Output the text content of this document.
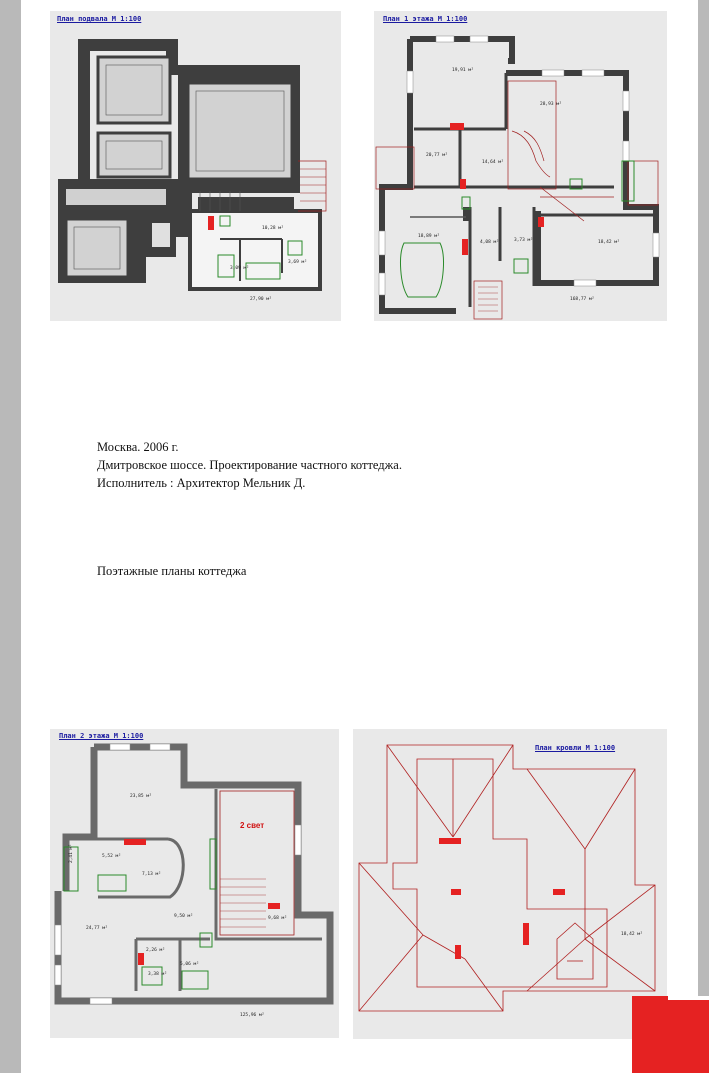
План подвала М 1:100
10,28 м²
3,09 м²
3,69 м²
27,90 м²
План 1 этажа М 1:100
19,91 м²
28,93 м²
20,77 м²
14,64 м²
18,89 м²
4,08 м²	3,73 м²	18,42 м²
168,77 м²
Москва. 2006 г.
Дмитровское шоссе. Проектирование частного коттеджа.
Исполнитель : Архитектор Мельник Д.
Поэтажные планы коттеджа
План 2 этажа М 1:100
2 свет
23,85 м²
5,52 м²
7,13 м²
2,41 м²
24,77 м²
9,50 м²	9,68 м²
2,26 м²
3,38 м²
5,06 м²
125,96 м²
План кровли М 1:100
18,42 м²
